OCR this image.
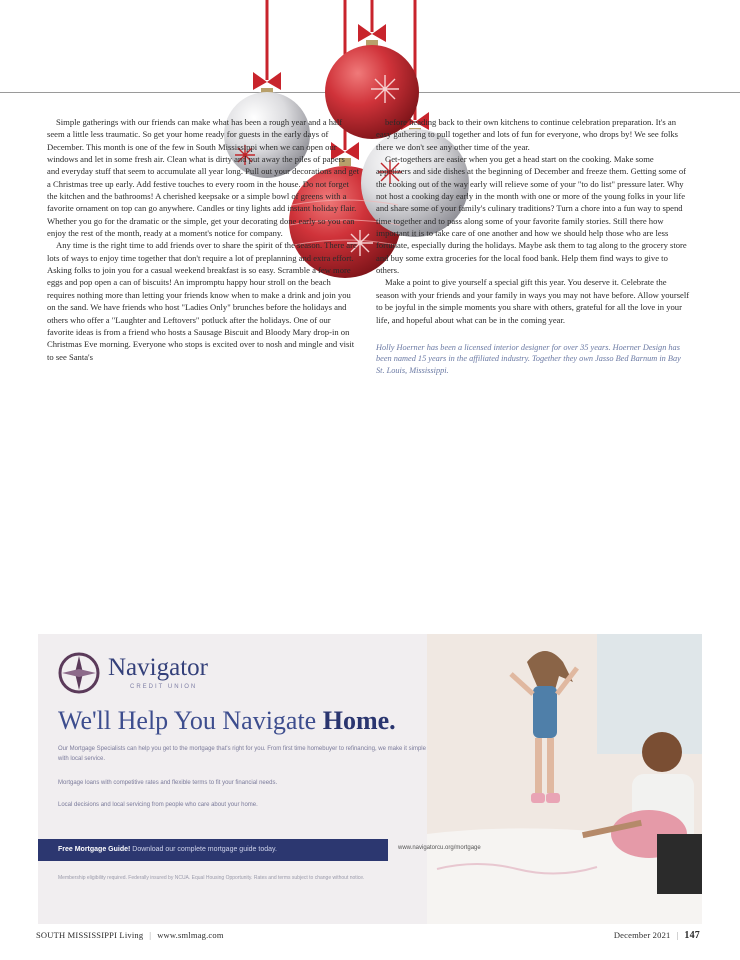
Simple gatherings with our friends can make what has been a rough year and a half seem a little less traumatic. So get your home ready for guests in the early days of December. This month is one of the few in South Mississippi when we can open our windows and let in some fresh air. Clean what is dirty and put away the piles of papers and everyday stuff that seem to accumulate all year long. Pull out your decorations and get a Christmas tree up early. Add festive touches to every room in the house. Do not forget the kitchen and the bathrooms! A cherished keepsake or a simple bowl of greens with a favorite ornament on top can go anywhere. Candles or tiny lights add instant holiday flair. Whether you go for the dramatic or the simple, get your decorating done early so you can enjoy the rest of the month, ready at a moment's notice for company.

Any time is the right time to add friends over to share the spirit of the season. There are lots of ways to enjoy time together that don't require a lot of preplanning and extra effort. Asking folks to join you for a casual weekend breakfast is so easy. Scramble a few more eggs and pop open a can of biscuits! An impromptu happy hour stroll on the beach requires nothing more than letting your friends know when to make a drink and join you on the sand. We have friends who host "Ladies Only" brunches before the holidays and others who offer a "Laughter and Leftovers" potluck after the holidays. One of our favorite ideas is from a friend who hosts a Sausage Biscuit and Bloody Mary drop-in on Christmas Eve morning. Everyone who stops is excited over to nosh and mingle and visit to see Santa's

before heading back to their own kitchens to continue celebration preparation. It's an easy gathering to pull together and lots of fun for everyone, who drops by! We see folks there we don't see any other time of the year.

Get-togethers are easier when you get a head start on the cooking. Make some appetizers and side dishes at the beginning of December and freeze them. Getting some of the cooking out of the way early will relieve some of your "to do list" pressure later. Why not host a cooking day early in the month with one or more of the young folks in your life and share some of your family's culinary traditions? Turn a chore into a fun way to spend time together and to pass along some of your favorite family stories. Still there how important it is to take care of one another and how we should help those who are less fortunate, especially during the holidays. Maybe ask them to tag along to the grocery store and buy some extra groceries for the local food bank. Help them find ways to give to others.

Make a point to give yourself a special gift this year. You deserve it. Celebrate the season with your friends and your family in ways you may not have before. Allow yourself to be joyful in the simple moments you share with others, grateful for all the love in your life, and hopeful about what can be in the coming year.

Holly Hoerner has been a licensed interior designer for over 35 years. Hoerner Design has been named 15 years in the affiliated industry. Together they own Jasso Bed Barnum in Bay St. Louis, Mississippi.

Navigator
CREDIT UNION
We'll Help You Navigate Home.
Our Mortgage Specialists can help you get to the mortgage that's right for you. From first time homebuyer to refinancing, we make it simple with local service.
Mortgage loans with competitive rates and flexible terms to fit your financial needs.
Local decisions and local servicing from people who care about your home.
Free Mortgage Guide! Download our complete mortgage guide today.	www.navigatorcu.org/mortgage
Membership eligibility required. Federally insured by NCUA. Equal Housing Opportunity. Rates and terms subject to change without notice.
SOUTH MISSISSIPPI Living | www.smlmag.com	December 2021 | 147
